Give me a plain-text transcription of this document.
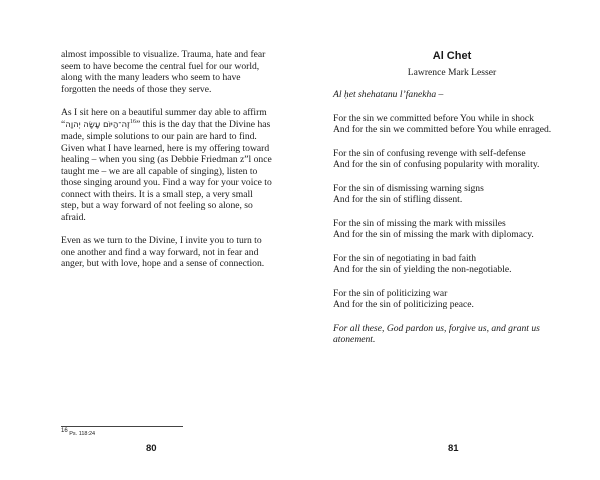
almost impossible to visualize. Trauma, hate and fear seem to have become the central fuel for our world, along with the many leaders who seem to have forgotten the needs of those they serve.

As I sit here on a beautiful summer day able to affirm “זֶה־הַיּוֹם עָשָׂה יְהוָה$^{16}$” this is the day that the Divine has made, simple solutions to our pain are hard to find. Given what I have learned, here is my offering toward healing – when you sing (as Debbie Friedman z”l once taught me – we are all capable of singing), listen to those singing around you. Find a way for your voice to connect with theirs. It is a small step, a very small step, but a way forward of not feeling so alone, so afraid.

Even as we turn to the Divine, I invite you to turn to one another and find a way forward, not in fear and anger, but with love, hope and a sense of connection.

$^{16}$ Ps. 118:24
80
Al Chet
Lawrence Mark Lesser

Al ḥet shehatanu l’fanekha –

For the sin we committed before You while in shock
And for the sin we committed before You while enraged.

For the sin of confusing revenge with self-defense
And for the sin of confusing popularity with morality.

For the sin of dismissing warning signs
And for the sin of stifling dissent.

For the sin of missing the mark with missiles
And for the sin of missing the mark with diplomacy.

For the sin of negotiating in bad faith
And for the sin of yielding the non-negotiable.

For the sin of politicizing war
And for the sin of politicizing peace.

For all these, God pardon us, forgive us, and grant us atonement.

81
